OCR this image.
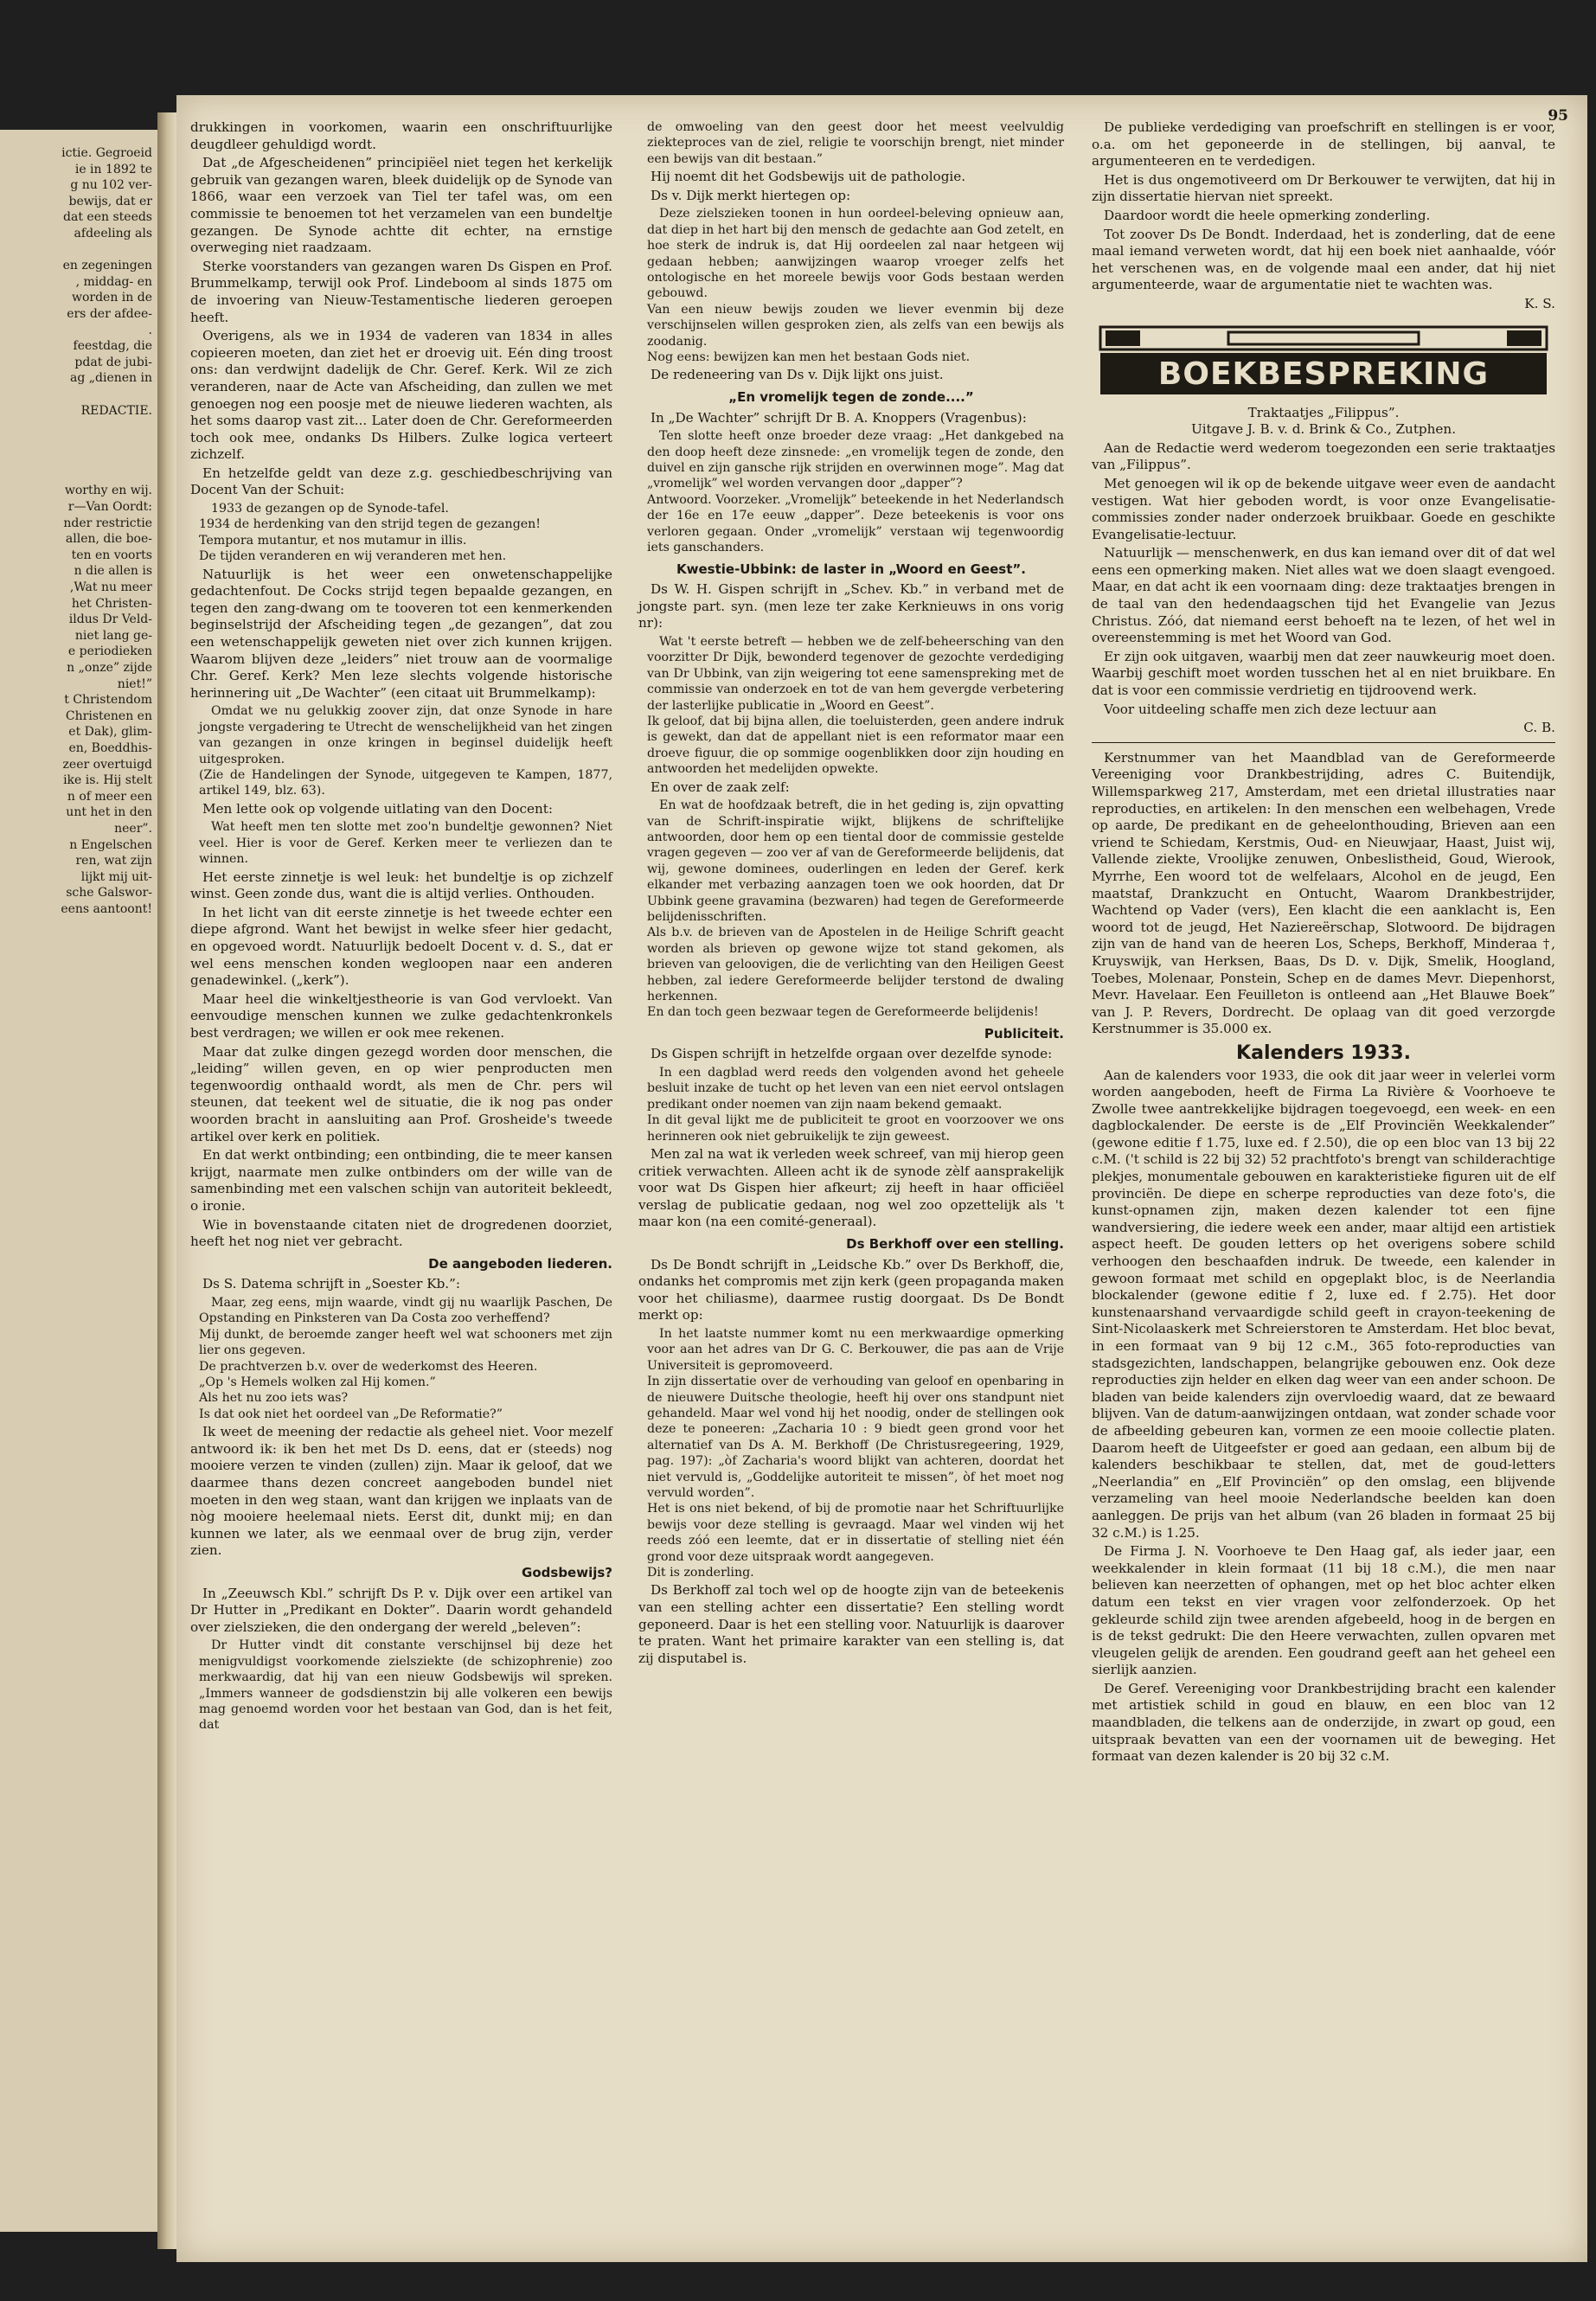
ictie. Gegroeid
ie in 1892 te
g nu 102 ver-
bewijs, dat er
dat een steeds
afdeeling als

en zegeningen
, middag- en
worden in de
ers der afdee-
.
feestdag, die
pdat de jubi-
ag „dienen in

REDACTIE.

worthy en wij.
r—Van Oordt:
nder restrictie
allen, die boe-
ten en voorts
n die allen is
,Wat nu meer
het Christen-
ildus Dr Veld-
niet lang ge-
e periodieken
n „onze” zijde
niet!”
t Christendom
Christenen en
et Dak), glim-
en, Boeddhis-
zeer overtuigd
ike is. Hij stelt
n of meer een
unt het in den
neer”.
n Engelschen
ren, wat zijn
lijkt mij uit-
sche Galswor-
eens aantoont!
95

drukkingen in voorkomen, waarin een onschriftuurlijke deugdleer gehuldigd wordt.

Dat „de Afgescheidenen” principiëel niet tegen het kerkelijk gebruik van gezangen waren, bleek duidelijk op de Synode van 1866, waar een verzoek van Tiel ter tafel was, om een commissie te benoemen tot het verzamelen van een bundeltje gezangen. De Synode achtte dit echter, na ernstige overweging niet raadzaam.

Sterke voorstanders van gezangen waren Ds Gispen en Prof. Brummelkamp, terwijl ook Prof. Lindeboom al sinds 1875 om de invoering van Nieuw-Testamentische liederen geroepen heeft.

Overigens, als we in 1934 de vaderen van 1834 in alles copieeren moeten, dan ziet het er droevig uit. Eén ding troost ons: dan verdwijnt dadelijk de Chr. Geref. Kerk. Wil ze zich veranderen, naar de Acte van Afscheiding, dan zullen we met genoegen nog een poosje met de nieuwe liederen wachten, als het soms daarop vast zit... Later doen de Chr. Gereformeerden toch ook mee, ondanks Ds Hilbers. Zulke logica verteert zichzelf.

En hetzelfde geldt van deze z.g. geschiedbeschrijving van Docent Van der Schuit:

1933 de gezangen op de Synode-tafel.
1934 de herdenking van den strijd tegen de gezangen!
Tempora mutantur, et nos mutamur in illis.
De tijden veranderen en wij veranderen met hen.

Natuurlijk is het weer een onwetenschappelijke gedachtenfout. De Cocks strijd tegen bepaalde gezangen, en tegen den zang-dwang om te tooveren tot een kenmerkenden beginselstrijd der Afscheiding tegen „de gezangen”, dat zou een wetenschappelijk geweten niet over zich kunnen krijgen. Waarom blijven deze „leiders” niet trouw aan de voormalige Chr. Geref. Kerk? Men leze slechts volgende historische herinnering uit „De Wachter” (een citaat uit Brummelkamp):

Omdat we nu gelukkig zoover zijn, dat onze Synode in hare jongste vergadering te Utrecht de wenschelijkheid van het zingen van gezangen in onze kringen in beginsel duidelijk heeft uitgesproken.
(Zie de Handelingen der Synode, uitgegeven te Kampen, 1877, artikel 149, blz. 63).

Men lette ook op volgende uitlating van den Docent:

Wat heeft men ten slotte met zoo'n bundeltje gewonnen? Niet veel. Hier is voor de Geref. Kerken meer te verliezen dan te winnen.

Het eerste zinnetje is wel leuk: het bundeltje is op zichzelf winst. Geen zonde dus, want die is altijd verlies. Onthouden.

In het licht van dit eerste zinnetje is het tweede echter een diepe afgrond. Want het bewijst in welke sfeer hier gedacht, en opgevoed wordt. Natuurlijk bedoelt Docent v. d. S., dat er wel eens menschen konden wegloopen naar een anderen genadewinkel. („kerk”).

Maar heel die winkeltjestheorie is van God vervloekt. Van eenvoudige menschen kunnen we zulke gedachtenkronkels best verdragen; we willen er ook mee rekenen.

Maar dat zulke dingen gezegd worden door menschen, die „leiding” willen geven, en op wier penproducten men tegenwoordig onthaald wordt, als men de Chr. pers wil steunen, dat teekent wel de situatie, die ik nog pas onder woorden bracht in aansluiting aan Prof. Grosheide's tweede artikel over kerk en politiek.

En dat werkt ontbinding; een ontbinding, die te meer kansen krijgt, naarmate men zulke ontbinders om der wille van de samenbinding met een valschen schijn van autoriteit bekleedt, o ironie.

Wie in bovenstaande citaten niet de drogredenen doorziet, heeft het nog niet ver gebracht.

De aangeboden liederen.

Ds S. Datema schrijft in „Soester Kb.”:

Maar, zeg eens, mijn waarde, vindt gij nu waarlijk Paschen, De Opstanding en Pinksteren van Da Costa zoo verheffend?
Mij dunkt, de beroemde zanger heeft wel wat schooners met zijn lier ons gegeven.
De prachtverzen b.v. over de wederkomst des Heeren.
„Op 's Hemels wolken zal Hij komen.”
Als het nu zoo iets was?
Is dat ook niet het oordeel van „De Reformatie?”

Ik weet de meening der redactie als geheel niet. Voor mezelf antwoord ik: ik ben het met Ds D. eens, dat er (steeds) nog mooiere verzen te vinden (zullen) zijn. Maar ik geloof, dat we daarmee thans dezen concreet aangeboden bundel niet moeten in den weg staan, want dan krijgen we inplaats van de nòg mooiere heelemaal niets. Eerst dit, dunkt mij; en dan kunnen we later, als we eenmaal over de brug zijn, verder zien.

Godsbewijs?

In „Zeeuwsch Kbl.” schrijft Ds P. v. Dijk over een artikel van Dr Hutter in „Predikant en Dokter”. Daarin wordt gehandeld over zielszieken, die den ondergang der wereld „beleven”:

Dr Hutter vindt dit constante verschijnsel bij deze het menigvuldigst voorkomende zielsziekte (de schizophrenie) zoo merkwaardig, dat hij van een nieuw Godsbewijs wil spreken. „Immers wanneer de godsdienstzin bij alle volkeren een bewijs mag genoemd worden voor het bestaan van God, dan is het feit, dat

de omwoeling van den geest door het meest veelvuldig ziekteproces van de ziel, religie te voorschijn brengt, niet minder een bewijs van dit bestaan.”

Hij noemt dit het Godsbewijs uit de pathologie.

Ds v. Dijk merkt hiertegen op:

Deze zielszieken toonen in hun oordeel-beleving opnieuw aan, dat diep in het hart bij den mensch de gedachte aan God zetelt, en hoe sterk de indruk is, dat Hij oordeelen zal naar hetgeen wij gedaan hebben; aanwijzingen waarop vroeger zelfs het ontologische en het moreele bewijs voor Gods bestaan werden gebouwd.
Van een nieuw bewijs zouden we liever evenmin bij deze verschijnselen willen gesproken zien, als zelfs van een bewijs als zoodanig.
Nog eens: bewijzen kan men het bestaan Gods niet.

De redeneering van Ds v. Dijk lijkt ons juist.

„En vromelijk tegen de zonde....”

In „De Wachter” schrijft Dr B. A. Knoppers (Vragenbus):

Ten slotte heeft onze broeder deze vraag: „Het dankgebed na den doop heeft deze zinsnede: „en vromelijk tegen de zonde, den duivel en zijn gansche rijk strijden en overwinnen moge”. Mag dat „vromelijk” wel worden vervangen door „dapper”?
Antwoord. Voorzeker. „Vromelijk” beteekende in het Nederlandsch der 16e en 17e eeuw „dapper”. Deze beteekenis is voor ons verloren gegaan. Onder „vromelijk” verstaan wij tegenwoordig iets ganschanders.

Kwestie-Ubbink: de laster in „Woord en Geest”.

Ds W. H. Gispen schrijft in „Schev. Kb.” in verband met de jongste part. syn. (men leze ter zake Kerknieuws in ons vorig nr):

Wat 't eerste betreft — hebben we de zelf-beheersching van den voorzitter Dr Dijk, bewonderd tegenover de gezochte verdediging van Dr Ubbink, van zijn weigering tot eene samenspreking met de commissie van onderzoek en tot de van hem gevergde verbetering der lasterlijke publicatie in „Woord en Geest”.
Ik geloof, dat bij bijna allen, die toeluisterden, geen andere indruk is gewekt, dan dat de appellant niet is een reformator maar een droeve figuur, die op sommige oogenblikken door zijn houding en antwoorden het medelijden opwekte.

En over de zaak zelf:

En wat de hoofdzaak betreft, die in het geding is, zijn opvatting van de Schrift-inspiratie wijkt, blijkens de schriftelijke antwoorden, door hem op een tiental door de commissie gestelde vragen gegeven — zoo ver af van de Gereformeerde belijdenis, dat wij, gewone dominees, ouderlingen en leden der Geref. kerk elkander met verbazing aanzagen toen we ook hoorden, dat Dr Ubbink geene gravamina (bezwaren) had tegen de Gereformeerde belijdenisschriften.
Als b.v. de brieven van de Apostelen in de Heilige Schrift geacht worden als brieven op gewone wijze tot stand gekomen, als brieven van geloovigen, die de verlichting van den Heiligen Geest hebben, zal iedere Gereformeerde belijder terstond de dwaling herkennen.
En dan toch geen bezwaar tegen de Gereformeerde belijdenis!

Publiciteit.

Ds Gispen schrijft in hetzelfde orgaan over dezelfde synode:

In een dagblad werd reeds den volgenden avond het geheele besluit inzake de tucht op het leven van een niet eervol ontslagen predikant onder noemen van zijn naam bekend gemaakt.
In dit geval lijkt me de publiciteit te groot en voorzoover we ons herinneren ook niet gebruikelijk te zijn geweest.

Men zal na wat ik verleden week schreef, van mij hierop geen critiek verwachten. Alleen acht ik de synode zèlf aansprakelijk voor wat Ds Gispen hier afkeurt; zij heeft in haar officiëel verslag de publicatie gedaan, nog wel zoo opzettelijk als 't maar kon (na een comité-generaal).

Ds Berkhoff over een stelling.

Ds De Bondt schrijft in „Leidsche Kb.” over Ds Berkhoff, die, ondanks het compromis met zijn kerk (geen propaganda maken voor het chiliasme), daarmee rustig doorgaat. Ds De Bondt merkt op:

In het laatste nummer komt nu een merkwaardige opmerking voor aan het adres van Dr G. C. Berkouwer, die pas aan de Vrije Universiteit is gepromoveerd.
In zijn dissertatie over de verhouding van geloof en openbaring in de nieuwere Duitsche theologie, heeft hij over ons standpunt niet gehandeld. Maar wel vond hij het noodig, onder de stellingen ook deze te poneeren: „Zacharia 10 : 9 biedt geen grond voor het alternatief van Ds A. M. Berkhoff (De Christusregeering, 1929, pag. 197): „òf Zacharia's woord blijkt van achteren, doordat het niet vervuld is, „Goddelijke autoriteit te missen”, òf het moet nog vervuld worden”.
Het is ons niet bekend, of bij de promotie naar het Schriftuurlijke bewijs voor deze stelling is gevraagd. Maar wel vinden wij het reeds zóó een leemte, dat er in dissertatie of stelling niet één grond voor deze uitspraak wordt aangegeven.
Dit is zonderling.

Ds Berkhoff zal toch wel op de hoogte zijn van de beteekenis van een stelling achter een dissertatie? Een stelling wordt geponeerd. Daar is het een stelling voor. Natuurlijk is daarover te praten. Want het primaire karakter van een stelling is, dat zij disputabel is.

De publieke verdediging van proefschrift en stellingen is er voor, o.a. om het geponeerde in de stellingen, bij aanval, te argumenteeren en te verdedigen.

Het is dus ongemotiveerd om Dr Berkouwer te verwijten, dat hij in zijn dissertatie hiervan niet spreekt.

Daardoor wordt die heele opmerking zonderling.

Tot zoover Ds De Bondt. Inderdaad, het is zonderling, dat de eene maal iemand verweten wordt, dat hij een boek niet aanhaalde, vóór het verschenen was, en de volgende maal een ander, dat hij niet argumenteerde, waar de argumentatie niet te wachten was.

K. S.
BOEKBESPREKING
Traktaatjes „Filippus”.
Uitgave J. B. v. d. Brink & Co., Zutphen.

Aan de Redactie werd wederom toegezonden een serie traktaatjes van „Filippus”.

Met genoegen wil ik op de bekende uitgave weer even de aandacht vestigen. Wat hier geboden wordt, is voor onze Evangelisatie-commissies zonder nader onderzoek bruikbaar. Goede en geschikte Evangelisatie-lectuur.

Natuurlijk — menschenwerk, en dus kan iemand over dit of dat wel eens een opmerking maken. Niet alles wat we doen slaagt evengoed. Maar, en dat acht ik een voornaam ding: deze traktaatjes brengen in de taal van den hedendaagschen tijd het Evangelie van Jezus Christus. Zóó, dat niemand eerst behoeft na te lezen, of het wel in overeenstemming is met het Woord van God.

Er zijn ook uitgaven, waarbij men dat zeer nauwkeurig moet doen. Waarbij geschift moet worden tusschen het al en niet bruikbare. En dat is voor een commissie verdrietig en tijdroovend werk.

Voor uitdeeling schaffe men zich deze lectuur aan

C. B.

Kerstnummer van het Maandblad van de Gereformeerde Vereeniging voor Drankbestrijding, adres C. Buitendijk, Willemsparkweg 217, Amsterdam, met een drietal illustraties naar reproducties, en artikelen: In den menschen een welbehagen, Vrede op aarde, De predikant en de geheelonthouding, Brieven aan een vriend te Schiedam, Kerstmis, Oud- en Nieuwjaar, Haast, Juist wij, Vallende ziekte, Vroolijke zenuwen, Onbeslistheid, Goud, Wierook, Myrrhe, Een woord tot de welfelaars, Alcohol en de jeugd, Een maatstaf, Drankzucht en Ontucht, Waarom Drankbestrijder, Wachtend op Vader (vers), Een klacht die een aanklacht is, Een woord tot de jeugd, Het Naziereërschap, Slotwoord. De bijdragen zijn van de hand van de heeren Los, Scheps, Berkhoff, Minderaa †, Kruyswijk, van Herksen, Baas, Ds D. v. Dijk, Smelik, Hoogland, Toebes, Molenaar, Ponstein, Schep en de dames Mevr. Diepenhorst, Mevr. Havelaar. Een Feuilleton is ontleend aan „Het Blauwe Boek” van J. P. Revers, Dordrecht. De oplaag van dit goed verzorgde Kerstnummer is 35.000 ex.

Kalenders 1933.

Aan de kalenders voor 1933, die ook dit jaar weer in velerlei vorm worden aangeboden, heeft de Firma La Rivière & Voorhoeve te Zwolle twee aantrekkelijke bijdragen toegevoegd, een week- en een dagblockalender. De eerste is de „Elf Provinciën Weekkalender” (gewone editie f 1.75, luxe ed. f 2.50), die op een bloc van 13 bij 22 c.M. ('t schild is 22 bij 32) 52 prachtfoto's brengt van schilderachtige plekjes, monumentale gebouwen en karakteristieke figuren uit de elf provinciën. De diepe en scherpe reproducties van deze foto's, die kunst-opnamen zijn, maken dezen kalender tot een fijne wandversiering, die iedere week een ander, maar altijd een artistiek aspect heeft. De gouden letters op het overigens sobere schild verhoogen den beschaafden indruk. De tweede, een kalender in gewoon formaat met schild en opgeplakt bloc, is de Neerlandia blockalender (gewone editie f 2, luxe ed. f 2.75). Het door kunstenaarshand vervaardigde schild geeft in crayon-teekening de Sint-Nicolaaskerk met Schreierstoren te Amsterdam. Het bloc bevat, in een formaat van 9 bij 12 c.M., 365 foto-reproducties van stadsgezichten, landschappen, belangrijke gebouwen enz. Ook deze reproducties zijn helder en elken dag weer van een ander schoon. De bladen van beide kalenders zijn overvloedig waard, dat ze bewaard blijven. Van de datum-aanwijzingen ontdaan, wat zonder schade voor de afbeelding gebeuren kan, vormen ze een mooie collectie platen. Daarom heeft de Uitgeefster er goed aan gedaan, een album bij de kalenders beschikbaar te stellen, dat, met de goud-letters „Neerlandia” en „Elf Provinciën” op den omslag, een blijvende verzameling van heel mooie Nederlandsche beelden kan doen aanleggen. De prijs van het album (van 26 bladen in formaat 25 bij 32 c.M.) is 1.25.

De Firma J. N. Voorhoeve te Den Haag gaf, als ieder jaar, een weekkalender in klein formaat (11 bij 18 c.M.), die men naar believen kan neerzetten of ophangen, met op het bloc achter elken datum een tekst en vier vragen voor zelfonderzoek. Op het gekleurde schild zijn twee arenden afgebeeld, hoog in de bergen en is de tekst gedrukt: Die den Heere verwachten, zullen opvaren met vleugelen gelijk de arenden. Een goudrand geeft aan het geheel een sierlijk aanzien.

De Geref. Vereeniging voor Drankbestrijding bracht een kalender met artistiek schild in goud en blauw, en een bloc van 12 maandbladen, die telkens aan de onderzijde, in zwart op goud, een uitspraak bevatten van een der voornamen uit de beweging. Het formaat van dezen kalender is 20 bij 32 c.M.
